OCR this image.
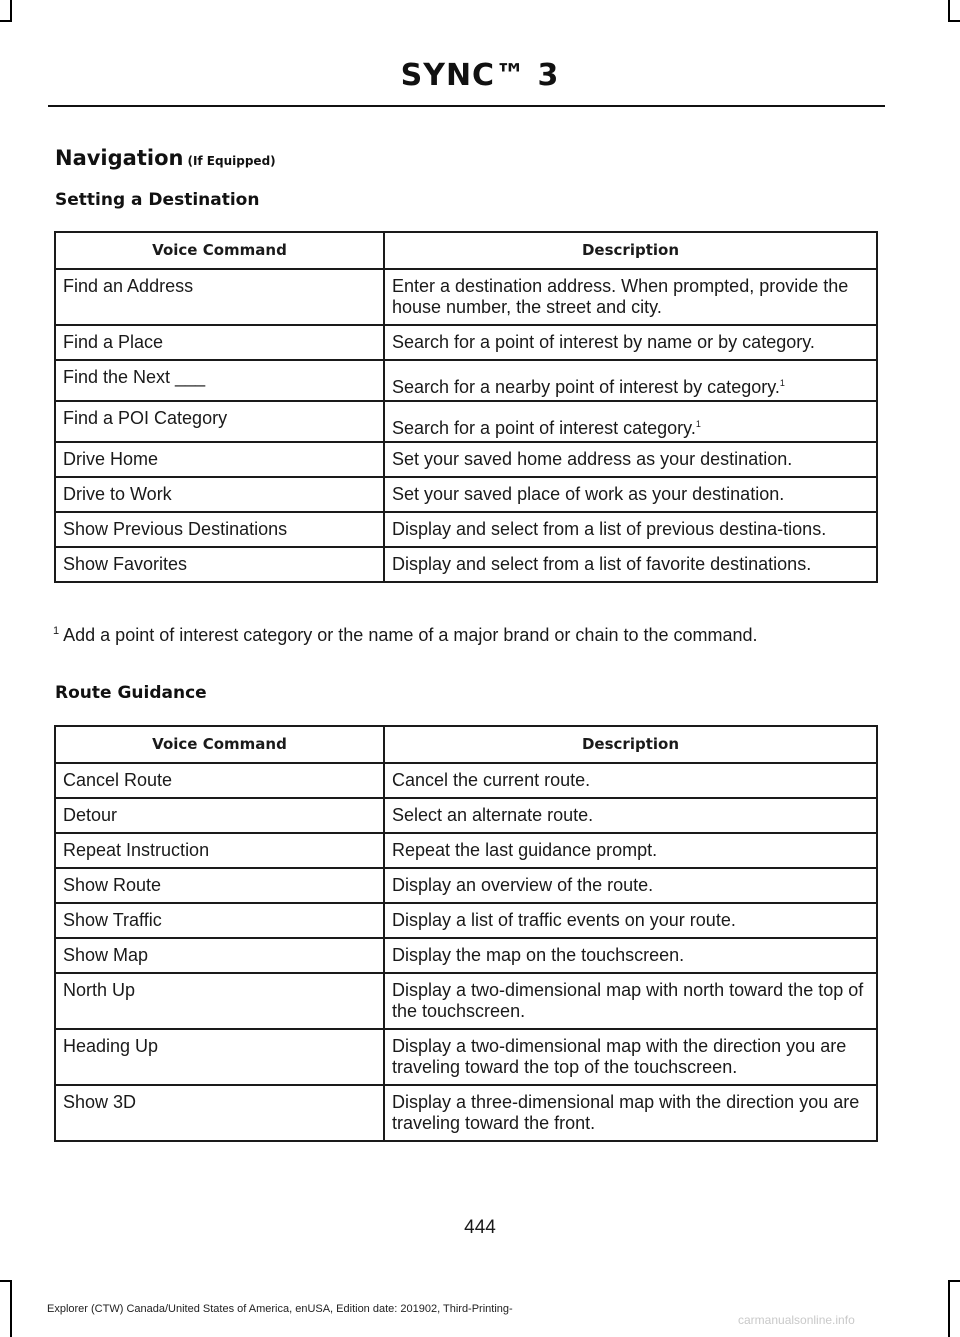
SYNC™ 3
Navigation (If Equipped)
Setting a Destination
Voice Command	Description
Find an Address	Enter a destination address. When prompted, provide the house number, the street and city.
Find a Place	Search for a point of interest by name or by category.
Find the Next ___	Search for a nearby point of interest by category.$^1$
Find a POI Category	Search for a point of interest category.$^1$
Drive Home	Set your saved home address as your destination.
Drive to Work	Set your saved place of work as your destination.
Show Previous Destinations	Display and select from a list of previous destina-tions.
Show Favorites	Display and select from a list of favorite destinations.
$^1$ Add a point of interest category or the name of a major brand or chain to the command.
Route Guidance
Voice Command	Description
Cancel Route	Cancel the current route.
Detour	Select an alternate route.
Repeat Instruction	Repeat the last guidance prompt.
Show Route	Display an overview of the route.
Show Traffic	Display a list of traffic events on your route.
Show Map	Display the map on the touchscreen.
North Up	Display a two-dimensional map with north toward the top of the touchscreen.
Heading Up	Display a two-dimensional map with the direction you are traveling toward the top of the touchscreen.
Show 3D	Display a three-dimensional map with the direction you are traveling toward the front.
444
Explorer (CTW) Canada/United States of America, enUSA, Edition date: 201902, Third-Printing-
carmanualsonline.info
